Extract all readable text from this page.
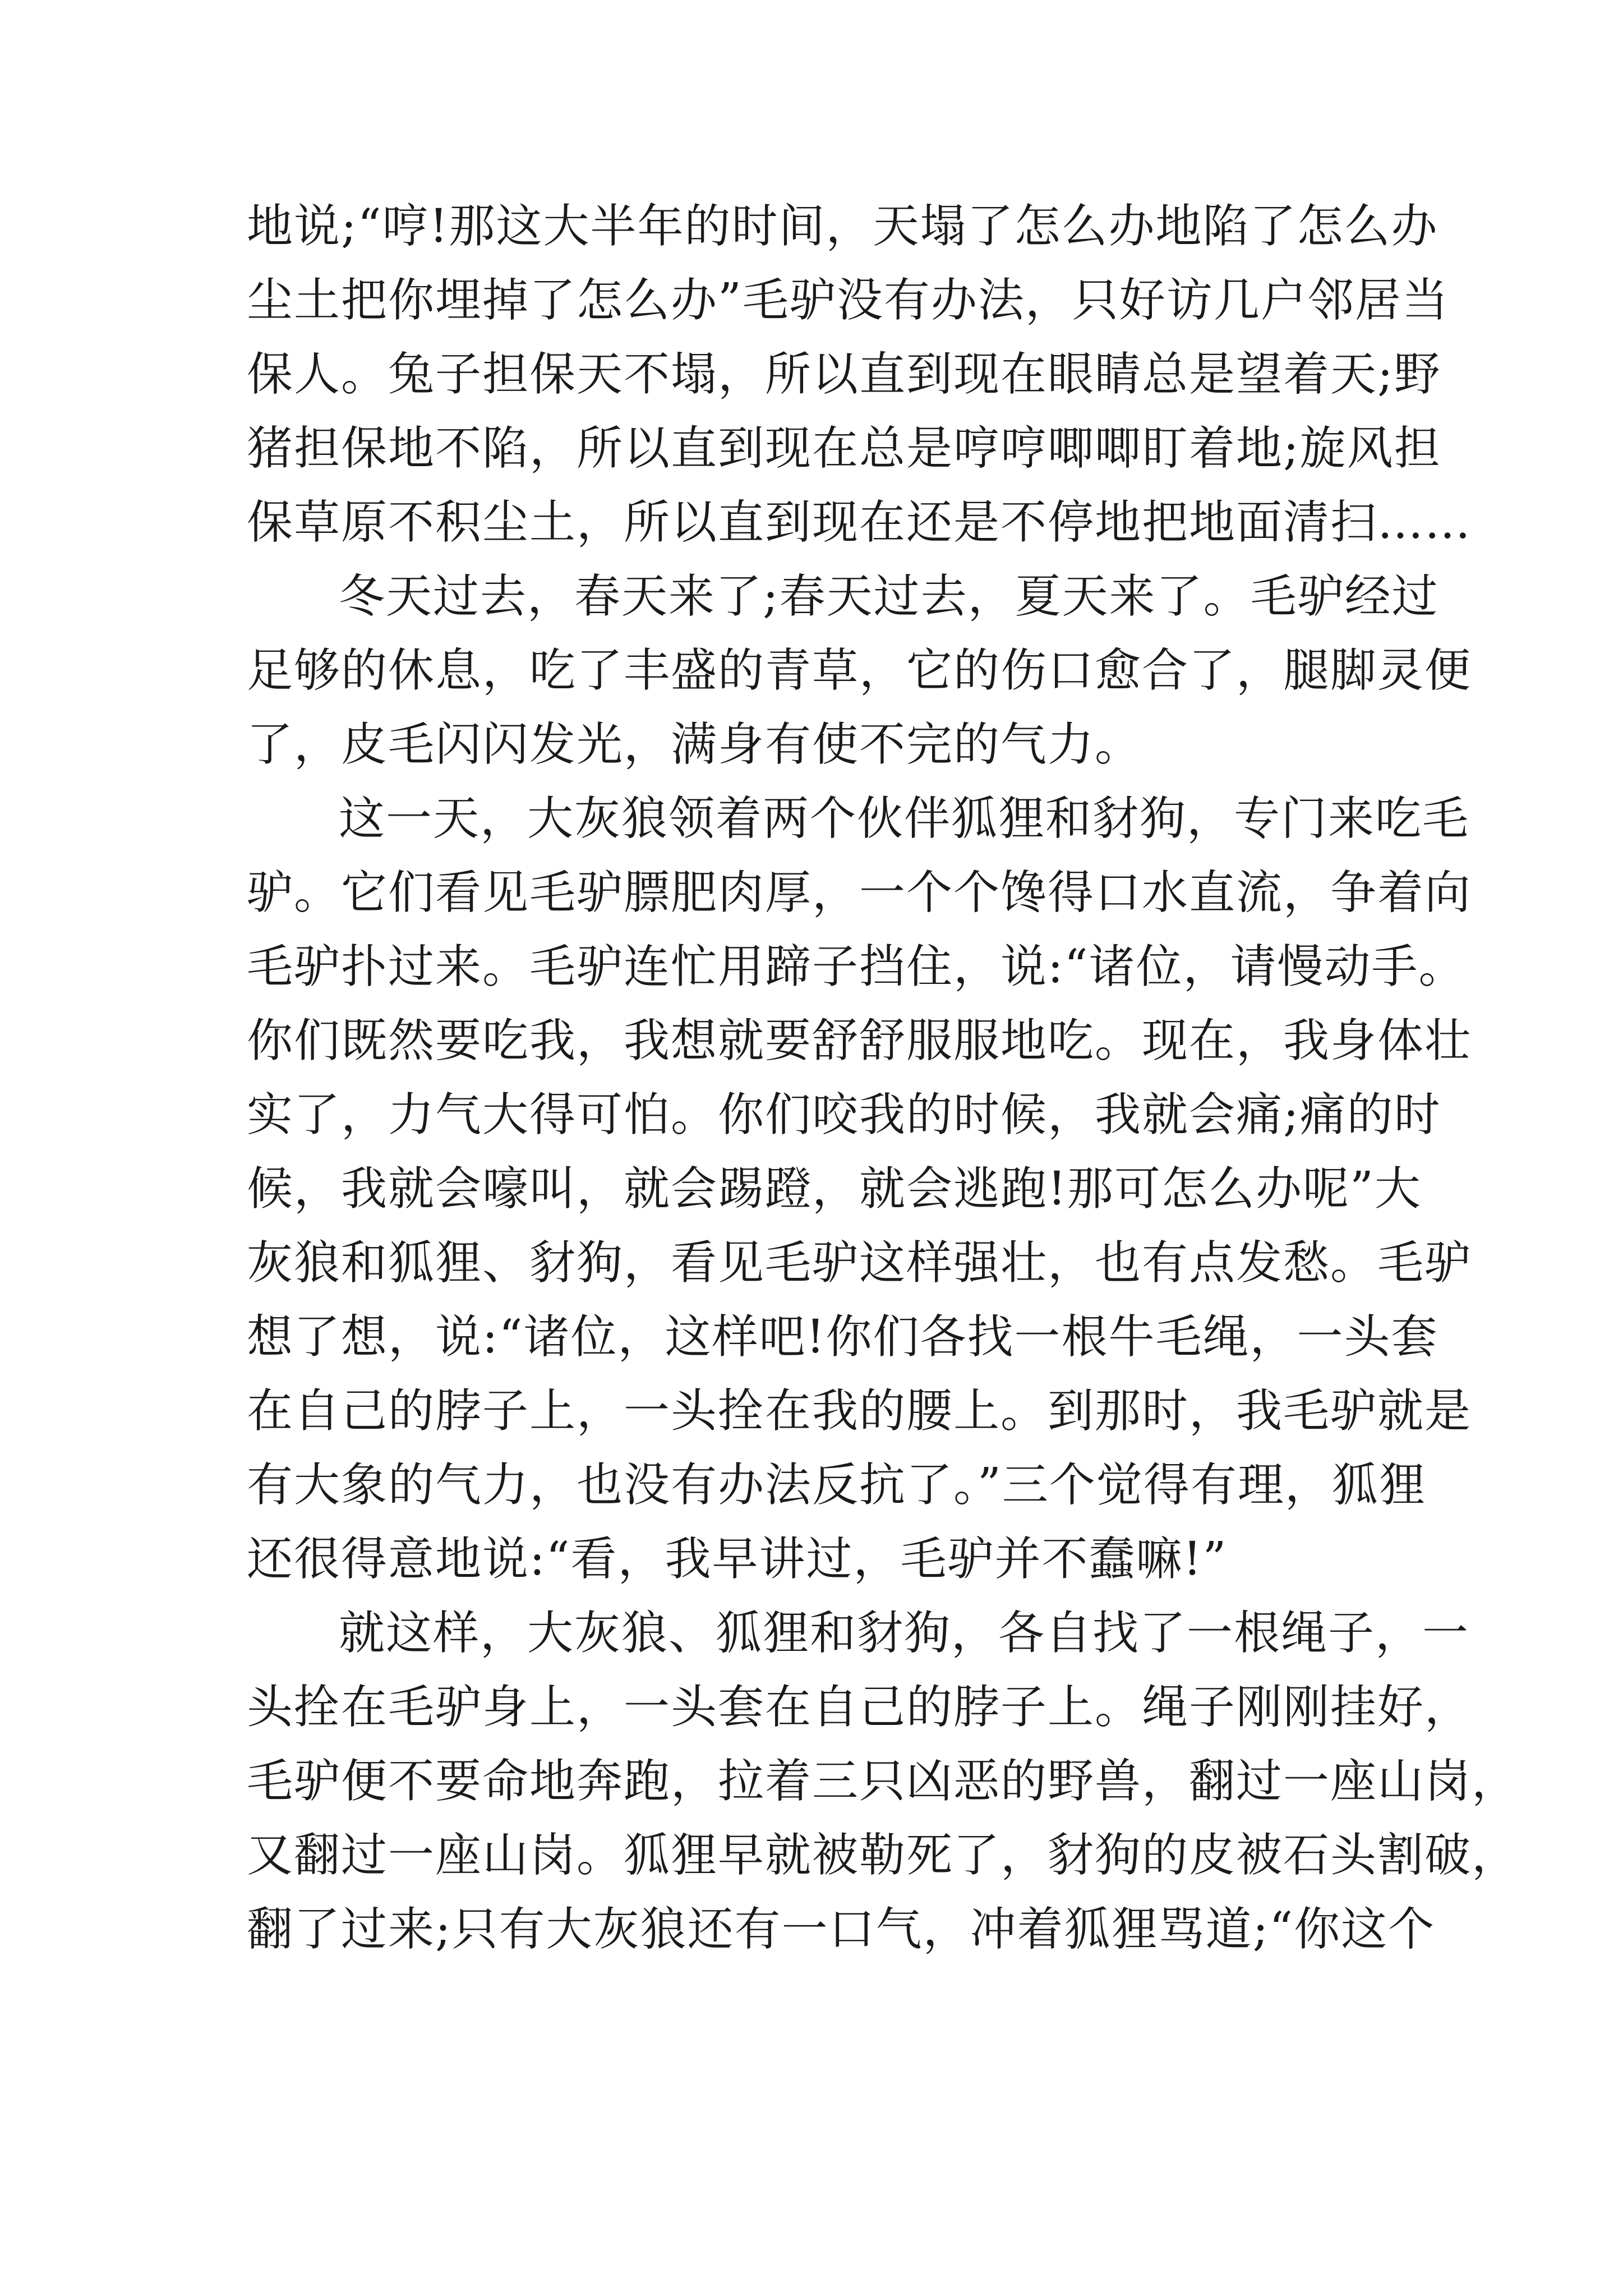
地说;“哼!那这大半年的时间，天塌了怎么办地陷了怎么办
尘土把你埋掉了怎么办”毛驴没有办法，只好访几户邻居当
保人。兔子担保天不塌，所以直到现在眼睛总是望着天;野
猪担保地不陷，所以直到现在总是哼哼唧唧盯着地;旋风担
保草原不积尘土，所以直到现在还是不停地把地面清扫……
冬天过去，春天来了;春天过去，夏天来了。毛驴经过
足够的休息，吃了丰盛的青草，它的伤口愈合了，腿脚灵便
了，皮毛闪闪发光，满身有使不完的气力。
这一天，大灰狼领着两个伙伴狐狸和豺狗，专门来吃毛
驴。它们看见毛驴膘肥肉厚，一个个馋得口水直流，争着向
毛驴扑过来。毛驴连忙用蹄子挡住，说:“诸位，请慢动手。
你们既然要吃我，我想就要舒舒服服地吃。现在，我身体壮
实了，力气大得可怕。你们咬我的时候，我就会痛;痛的时
候，我就会嚎叫，就会踢蹬，就会逃跑!那可怎么办呢”大
灰狼和狐狸、豺狗，看见毛驴这样强壮，也有点发愁。毛驴
想了想，说:“诸位，这样吧!你们各找一根牛毛绳，一头套
在自己的脖子上，一头拴在我的腰上。到那时，我毛驴就是
有大象的气力，也没有办法反抗了。”三个觉得有理，狐狸
还很得意地说:“看，我早讲过，毛驴并不蠢嘛!”
就这样，大灰狼、狐狸和豺狗，各自找了一根绳子，一
头拴在毛驴身上，一头套在自己的脖子上。绳子刚刚挂好，
毛驴便不要命地奔跑，拉着三只凶恶的野兽，翻过一座山岗，
又翻过一座山岗。狐狸早就被勒死了，豺狗的皮被石头割破，
翻了过来;只有大灰狼还有一口气，冲着狐狸骂道;“你这个
